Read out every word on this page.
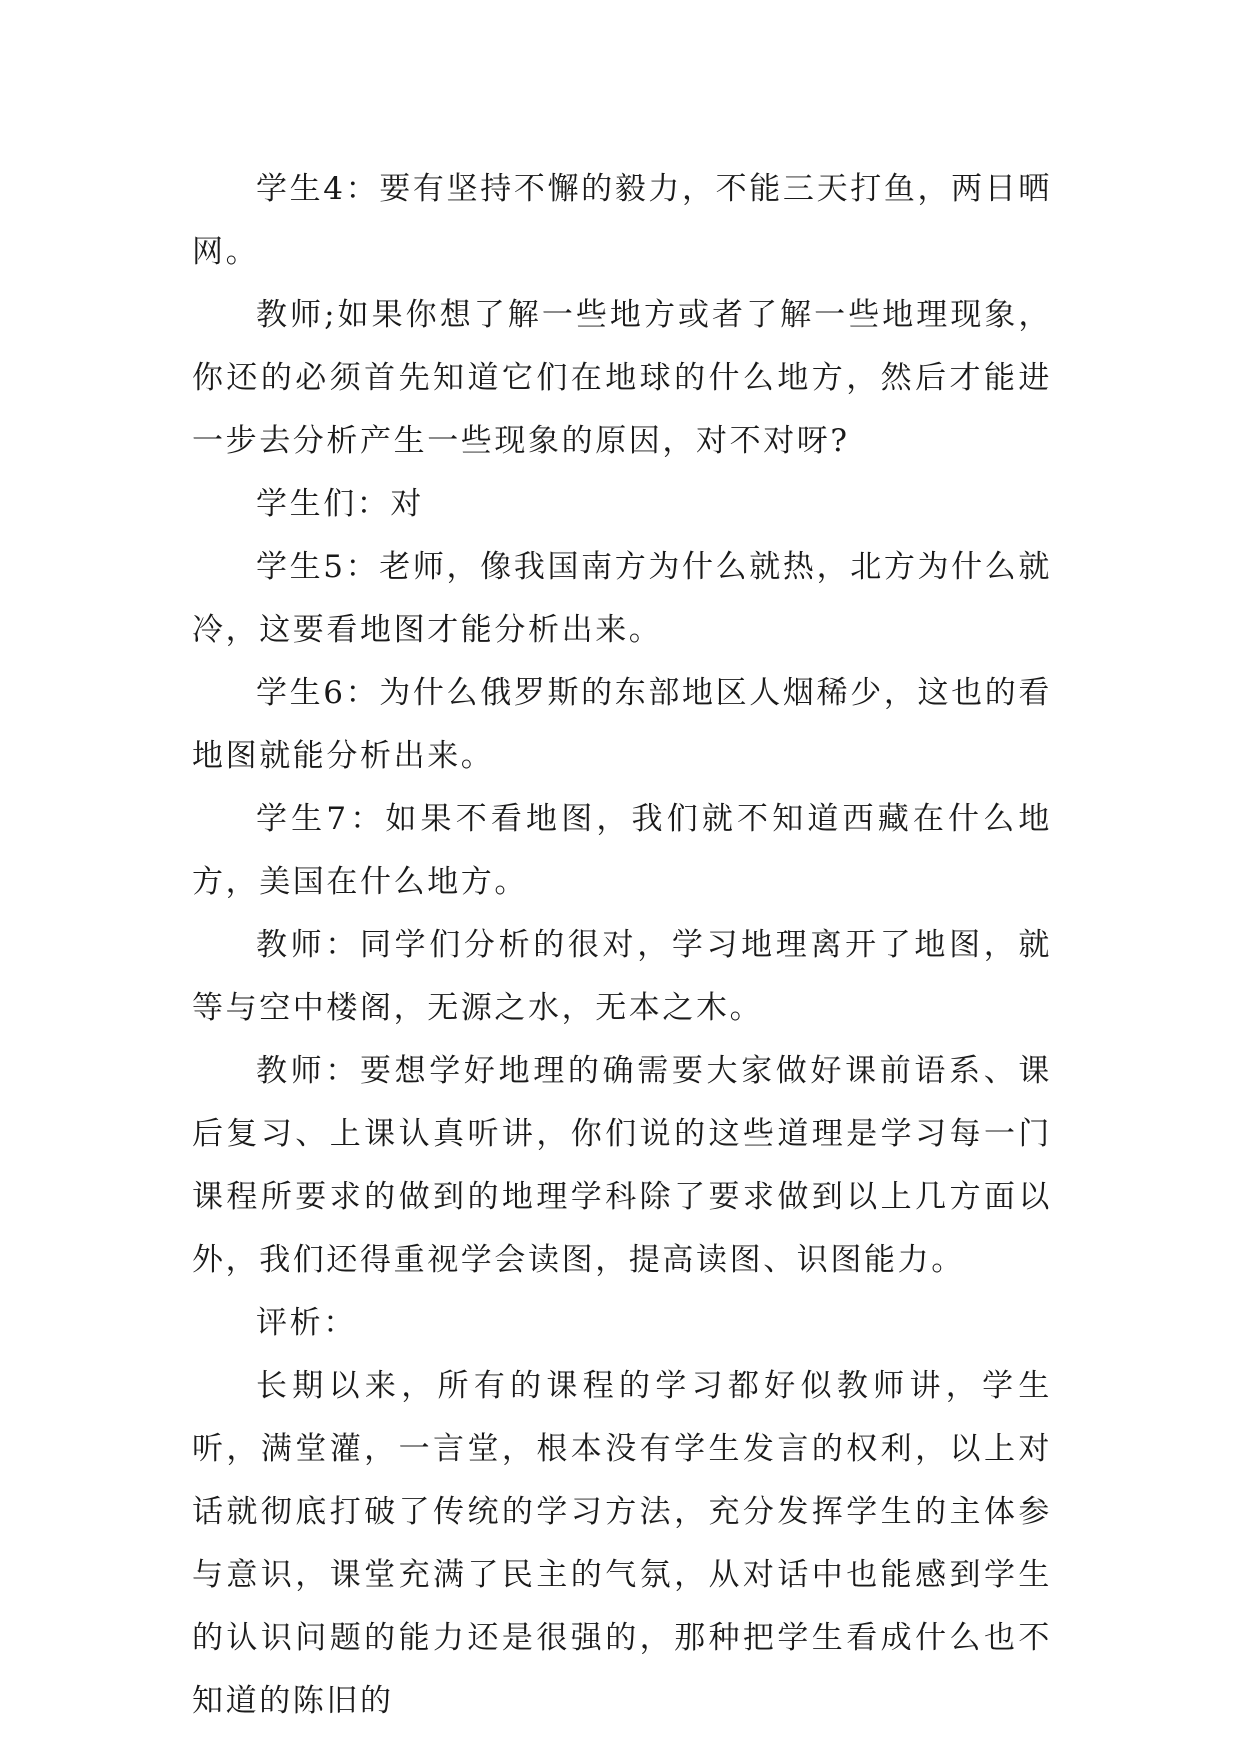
学生4：要有坚持不懈的毅力，不能三天打鱼，两日晒网。

教师;如果你想了解一些地方或者了解一些地理现象，你还的必须首先知道它们在地球的什么地方，然后才能进一步去分析产生一些现象的原因，对不对呀?

学生们：对

学生5：老师，像我国南方为什么就热，北方为什么就冷，这要看地图才能分析出来。

学生6：为什么俄罗斯的东部地区人烟稀少，这也的看地图就能分析出来。

学生7：如果不看地图，我们就不知道西藏在什么地方，美国在什么地方。

教师：同学们分析的很对，学习地理离开了地图，就等与空中楼阁，无源之水，无本之木。

教师：要想学好地理的确需要大家做好课前语系、课后复习、上课认真听讲，你们说的这些道理是学习每一门课程所要求的做到的地理学科除了要求做到以上几方面以外，我们还得重视学会读图，提高读图、识图能力。

评析：

长期以来，所有的课程的学习都好似教师讲，学生听，满堂灌，一言堂，根本没有学生发言的权利，以上对话就彻底打破了传统的学习方法，充分发挥学生的主体参与意识，课堂充满了民主的气氛，从对话中也能感到学生的认识问题的能力还是很强的，那种把学生看成什么也不知道的陈旧的
